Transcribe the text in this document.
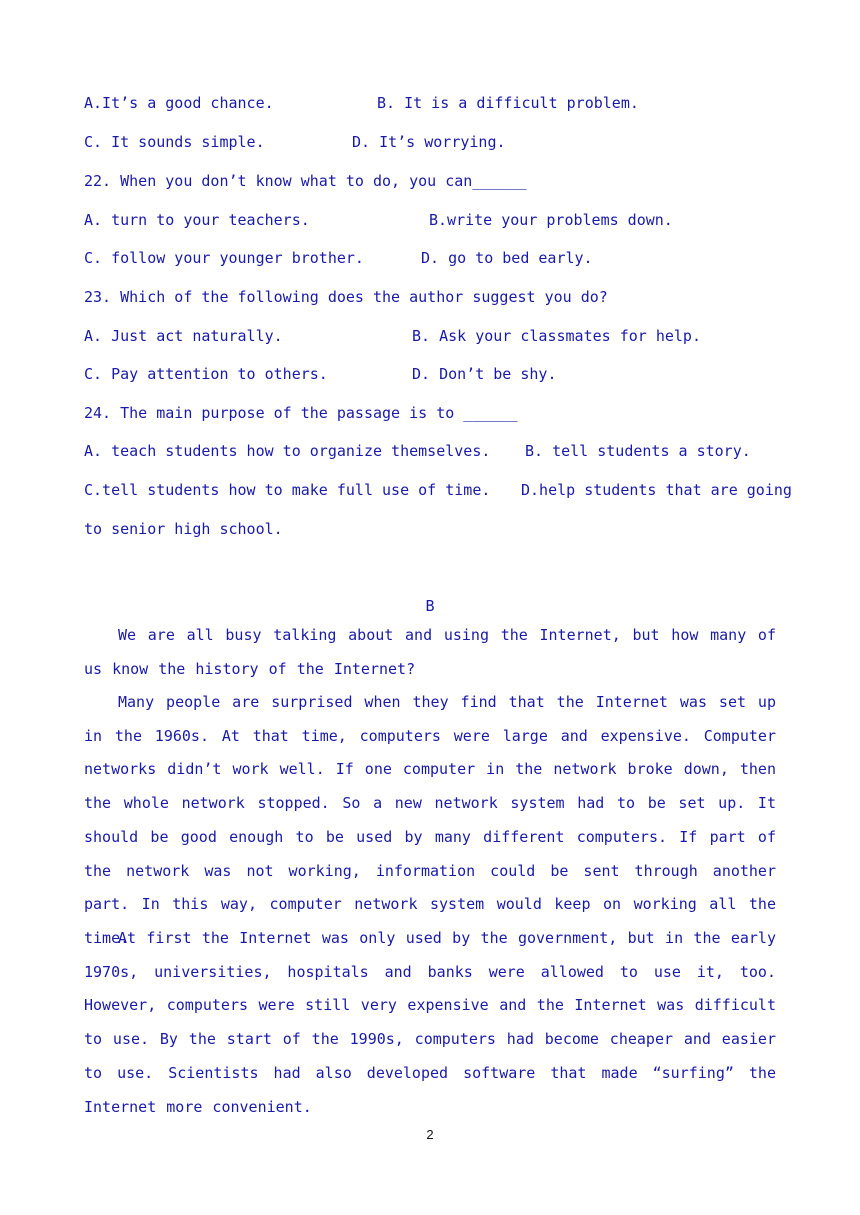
A.It’s a good chance.	B. It is a difficult problem.
C. It sounds simple.	D. It’s worrying.
22. When you don’t know what to do, you can______
A. turn to your teachers.	B.write your problems down.
C. follow your younger brother.	D. go to bed early.
23. Which of the following does the author suggest you do?
A. Just act naturally.	B. Ask your classmates for help.
C. Pay attention to others.	D. Don’t be shy.
24. The main purpose of the passage is to ______
A. teach students how to organize themselves. B. tell students a story.
C.tell students how to make full use of time. D.help students that are going
to senior high school.
B
We are all busy talking about and using the Internet, but how many of us know the history of the Internet?
Many people are surprised when they find that the Internet was set up in the 1960s. At that time, computers were large and expensive. Computer networks didn’t work well. If one computer in the network broke down, then the whole network stopped. So a new network system had to be set up. It should be good enough to be used by many different computers. If part of the network was not working, information could be sent through another part. In this way, computer network system would keep on working all the time.
At first the Internet was only used by the government, but in the early 1970s, universities, hospitals and banks were allowed to use it, too. However, computers were still very expensive and the Internet was difficult to use. By the start of the 1990s, computers had become cheaper and easier to use. Scientists had also developed software that made “surfing” the Internet more convenient.
2
